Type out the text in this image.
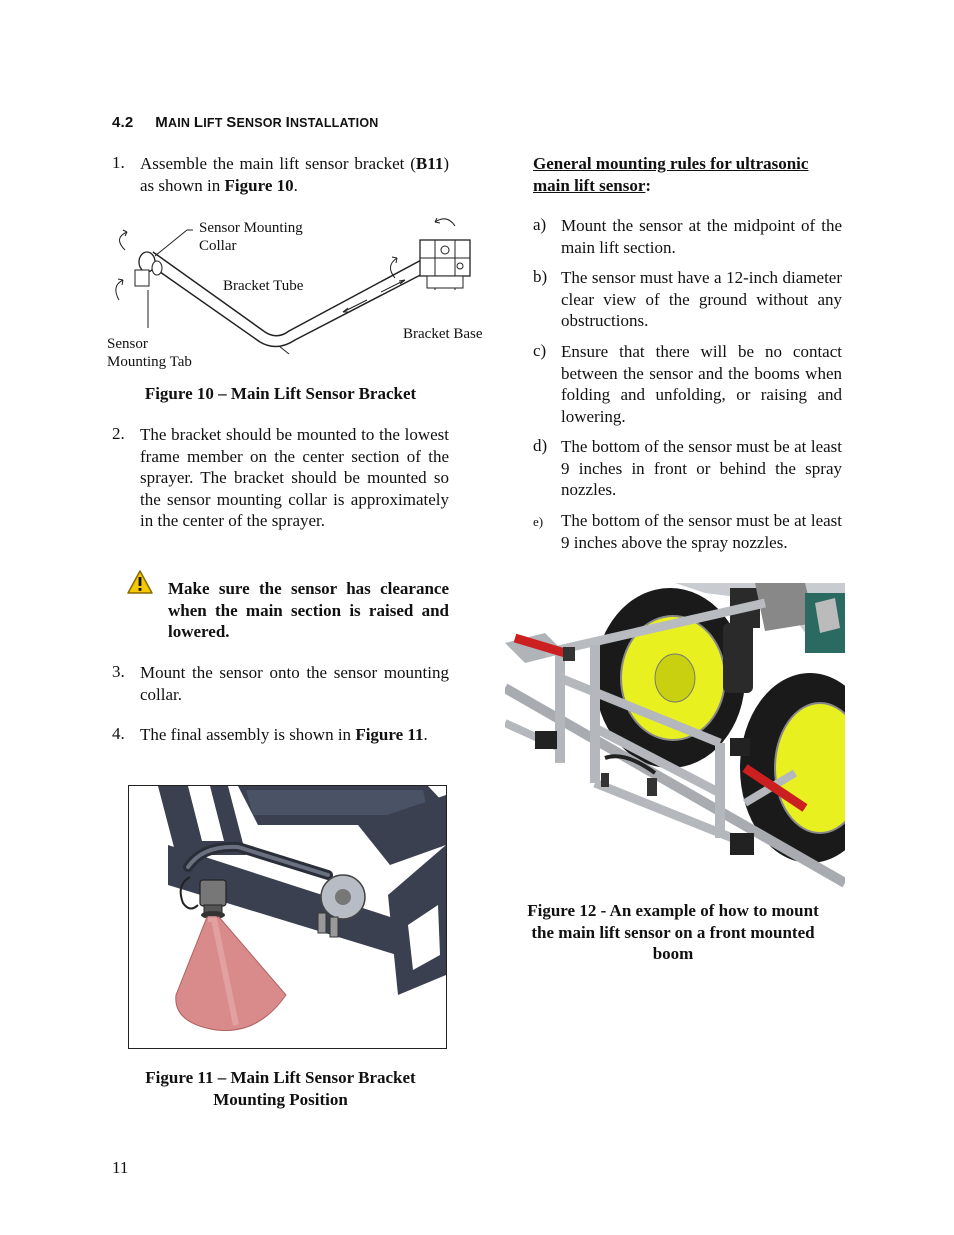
4.2 MAIN LIFT SENSOR INSTALLATION
1. Assemble the main lift sensor bracket (B11) as shown in Figure 10.
Sensor Mounting
Collar
Bracket Tube
Bracket Base
Sensor
Mounting Tab
Figure 10 – Main Lift Sensor Bracket
2. The bracket should be mounted to the lowest frame member on the center section of the sprayer. The bracket should be mounted so the sensor mounting collar is approximately in the center of the sprayer.
Make sure the sensor has clearance when the main section is raised and lowered.
3. Mount the sensor onto the sensor mounting collar.
4. The final assembly is shown in Figure 11.
Figure 11 – Main Lift Sensor Bracket
Mounting Position
General mounting rules for ultrasonic main lift sensor:
a) Mount the sensor at the midpoint of the main lift section.
b) The sensor must have a 12-inch diameter clear view of the ground without any obstructions.
c) Ensure that there will be no contact between the sensor and the booms when folding and unfolding, or raising and lowering.
d) The bottom of the sensor must be at least 9 inches in front or behind the spray nozzles.
e) The bottom of the sensor must be at least 9 inches above the spray nozzles.
Figure 12 - An example of how to mount
the main lift sensor on a front mounted
boom
11
